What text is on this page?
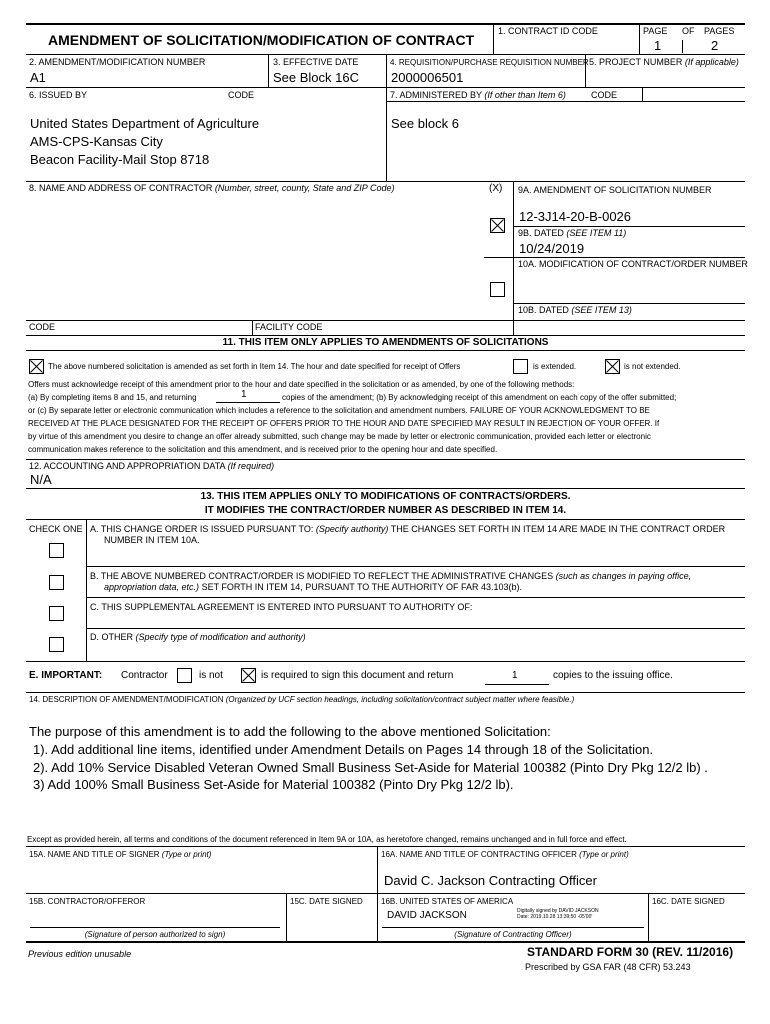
AMENDMENT OF SOLICITATION/MODIFICATION OF CONTRACT
1. CONTRACT ID CODE	PAGE OF PAGES
1	2
2. AMENDMENT/MODIFICATION NUMBER
A1
3. EFFECTIVE DATE
See Block 16C
4. REQUISITION/PURCHASE REQUISITION NUMBER
2000006501
5. PROJECT NUMBER (If applicable)
6. ISSUED BY	CODE
United States Department of Agriculture
AMS-CPS-Kansas City
Beacon Facility-Mail Stop 8718
7. ADMINISTERED BY (If other than Item 6)	CODE
See block 6
8. NAME AND ADDRESS OF CONTRACTOR (Number, street, county, State and ZIP Code)	(X)
CODE	FACILITY CODE
9A. AMENDMENT OF SOLICITATION NUMBER
12-3J14-20-B-0026
9B. DATED (SEE ITEM 11)
10/24/2019
10A. MODIFICATION OF CONTRACT/ORDER NUMBER
10B. DATED (SEE ITEM 13)
11. THIS ITEM ONLY APPLIES TO AMENDMENTS OF SOLICITATIONS
The above numbered solicitation is amended as set forth in Item 14. The hour and date specified for receipt of Offers	is extended.	is not extended.
Offers must acknowledge receipt of this amendment prior to the hour and date specified in the solicitation or as amended, by one of the following methods:
(a) By completing items 8 and 15, and returning	1	copies of the amendment; (b) By acknowledging receipt of this amendment on each copy of the offer submitted;
or (c) By separate letter or electronic communication which includes a reference to the solicitation and amendment numbers. FAILURE OF YOUR ACKNOWLEDGMENT TO BE
RECEIVED AT THE PLACE DESIGNATED FOR THE RECEIPT OF OFFERS PRIOR TO THE HOUR AND DATE SPECIFIED MAY RESULT IN REJECTION OF YOUR OFFER. If
by virtue of this amendment you desire to change an offer already submitted, such change may be made by letter or electronic communication, provided each letter or electronic
communication makes reference to the solicitation and this amendment, and is received prior to the opening hour and date specified.
12. ACCOUNTING AND APPROPRIATION DATA (If required)
N/A
13. THIS ITEM APPLIES ONLY TO MODIFICATIONS OF CONTRACTS/ORDERS.
IT MODIFIES THE CONTRACT/ORDER NUMBER AS DESCRIBED IN ITEM 14.
CHECK ONE A. THIS CHANGE ORDER IS ISSUED PURSUANT TO: (Specify authority) THE CHANGES SET FORTH IN ITEM 14 ARE MADE IN THE CONTRACT ORDER
NUMBER IN ITEM 10A.
B. THE ABOVE NUMBERED CONTRACT/ORDER IS MODIFIED TO REFLECT THE ADMINISTRATIVE CHANGES (such as changes in paying office,
appropriation data, etc.) SET FORTH IN ITEM 14, PURSUANT TO THE AUTHORITY OF FAR 43.103(b).
C. THIS SUPPLEMENTAL AGREEMENT IS ENTERED INTO PURSUANT TO AUTHORITY OF:
D. OTHER (Specify type of modification and authority)
E. IMPORTANT: Contractor	is not	is required to sign this document and return	1	copies to the issuing office.
14. DESCRIPTION OF AMENDMENT/MODIFICATION (Organized by UCF section headings, including solicitation/contract subject matter where feasible.)
The purpose of this amendment is to add the following to the above mentioned Solicitation:
1). Add additional line items, identified under Amendment Details on Pages 14 through 18 of the Solicitation.
2). Add 10% Service Disabled Veteran Owned Small Business Set-Aside for Material 100382 (Pinto Dry Pkg 12/2 lb) .
3) Add 100% Small Business Set-Aside for Material 100382 (Pinto Dry Pkg 12/2 lb).
Except as provided herein, all terms and conditions of the document referenced in Item 9A or 10A, as heretofore changed, remains unchanged and in full force and effect.
15A. NAME AND TITLE OF SIGNER (Type or print)	16A. NAME AND TITLE OF CONTRACTING OFFICER (Type or print)
David C. Jackson Contracting Officer
15B. CONTRACTOR/OFFEROR	15C. DATE SIGNED 16B. UNITED STATES OF AMERICA
DAVID JACKSON	Digitally signed by DAVID JACKSON
Date: 2019.10.28 13:39:50 -05'00'
16C. DATE SIGNED
(Signature of person authorized to sign)	(Signature of Contracting Officer)
Previous edition unusable	STANDARD FORM 30 (REV. 11/2016)
Prescribed by GSA FAR (48 CFR) 53.243
